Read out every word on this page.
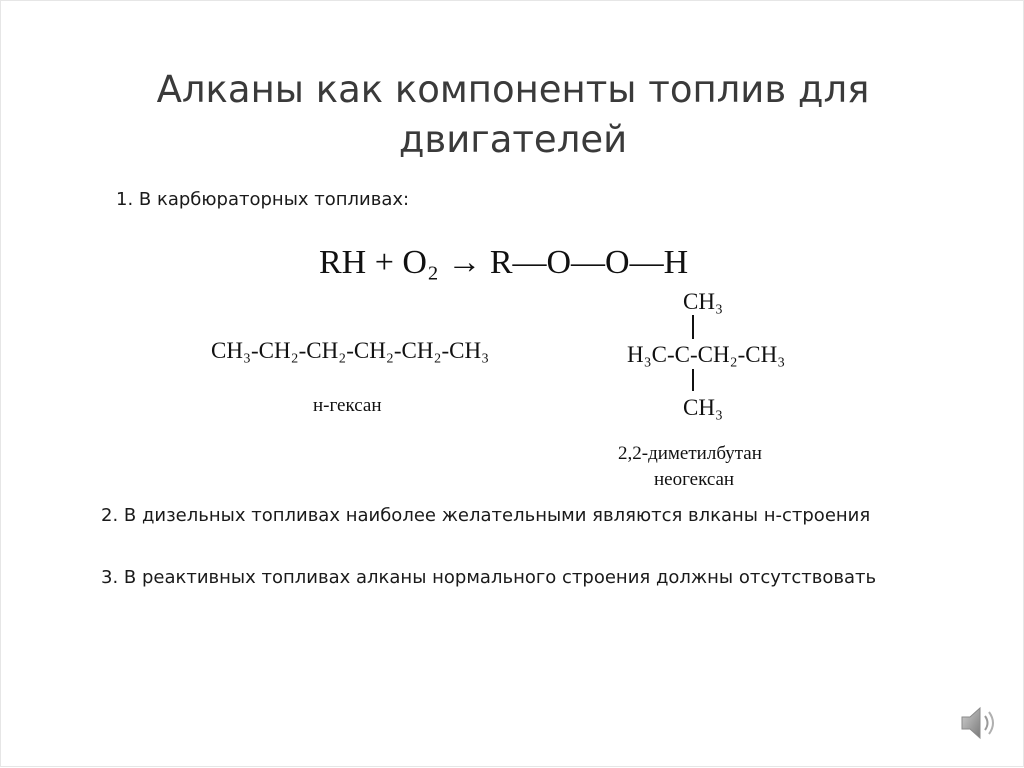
Алканы как компоненты топлив для двигателей
1. В карбюраторных топливах:
RH + O₂ → R—O—O—H
CH₃-CH₂-CH₂-CH₂-CH₂-CH₃
н-гексан
CH₃
H₃C-C-CH₂-CH₃
CH₃
2,2-диметилбутан
неогексан
2. В дизельных топливах наиболее желательными являются влканы н-строения
3. В реактивных топливах алканы нормального строения должны отсутствовать
